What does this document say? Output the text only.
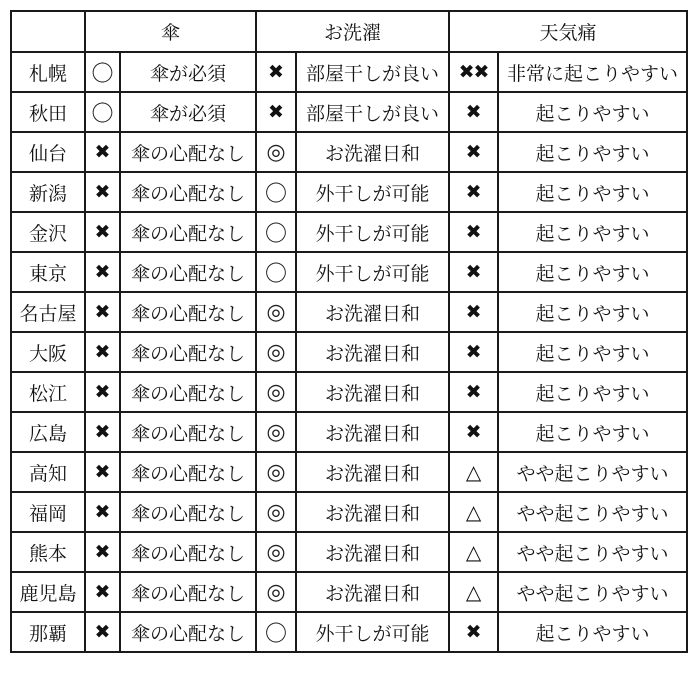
	傘		お洗濯		天気痛	
札幌	〇	傘が必須	✖	部屋干しが良い	✖✖	非常に起こりやすい
秋田	〇	傘が必須	✖	部屋干しが良い	✖	起こりやすい
仙台	✖	傘の心配なし	◎	お洗濯日和	✖	起こりやすい
新潟	✖	傘の心配なし	〇	外干しが可能	✖	起こりやすい
金沢	✖	傘の心配なし	〇	外干しが可能	✖	起こりやすい
東京	✖	傘の心配なし	〇	外干しが可能	✖	起こりやすい
名古屋	✖	傘の心配なし	◎	お洗濯日和	✖	起こりやすい
大阪	✖	傘の心配なし	◎	お洗濯日和	✖	起こりやすい
松江	✖	傘の心配なし	◎	お洗濯日和	✖	起こりやすい
広島	✖	傘の心配なし	◎	お洗濯日和	✖	起こりやすい
高知	✖	傘の心配なし	◎	お洗濯日和	△	やや起こりやすい
福岡	✖	傘の心配なし	◎	お洗濯日和	△	やや起こりやすい
熊本	✖	傘の心配なし	◎	お洗濯日和	△	やや起こりやすい
鹿児島	✖	傘の心配なし	◎	お洗濯日和	△	やや起こりやすい
那覇	✖	傘の心配なし	〇	外干しが可能	✖	起こりやすい
